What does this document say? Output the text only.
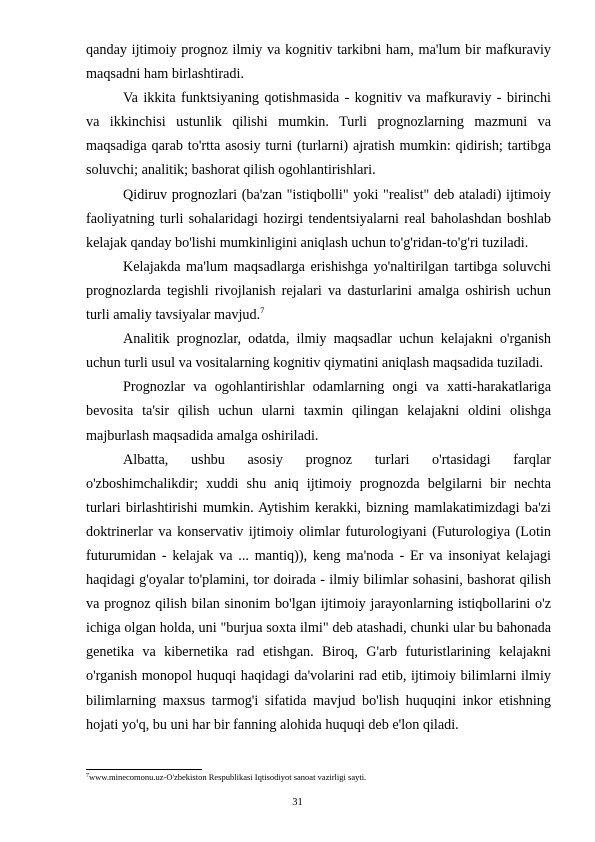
qanday ijtimoiy prognoz ilmiy va kognitiv tarkibni ham, ma'lum bir mafkuraviy maqsadni ham birlashtiradi.

Va ikkita funktsiyaning qotishmasida - kognitiv va mafkuraviy - birinchi va ikkinchisi ustunlik qilishi mumkin. Turli prognozlarning mazmuni va maqsadiga qarab to'rtta asosiy turni (turlarni) ajratish mumkin: qidirish; tartibga soluvchi; analitik; bashorat qilish ogohlantirishlari.

Qidiruv prognozlari (ba'zan "istiqbolli" yoki "realist" deb ataladi) ijtimoiy faoliyatning turli sohalaridagi hozirgi tendentsiyalarni real baholashdan boshlab kelajak qanday bo'lishi mumkinligini aniqlash uchun to'g'ridan-to'g'ri tuziladi.

Kelajakda ma'lum maqsadlarga erishishga yo'naltirilgan tartibga soluvchi prognozlarda tegishli rivojlanish rejalari va dasturlarini amalga oshirish uchun turli amaliy tavsiyalar mavjud.$^7$

Analitik prognozlar, odatda, ilmiy maqsadlar uchun kelajakni o'rganish uchun turli usul va vositalarning kognitiv qiymatini aniqlash maqsadida tuziladi.

Prognozlar va ogohlantirishlar odamlarning ongi va xatti-harakatlariga bevosita ta'sir qilish uchun ularni taxmin qilingan kelajakni oldini olishga majburlash maqsadida amalga oshiriladi.

Albatta, ushbu asosiy prognoz turlari o'rtasidagi farqlar o'zboshimchalikdir; xuddi shu aniq ijtimoiy prognozda belgilarni bir nechta turlari birlashtirishi mumkin. Aytishim kerakki, bizning mamlakatimizdagi ba'zi doktrinerlar va konservativ ijtimoiy olimlar futurologiyani (Futurologiya (Lotin futurumidan - kelajak va ... mantiq)), keng ma'noda - Er va insoniyat kelajagi haqidagi g'oyalar to'plamini, tor doirada - ilmiy bilimlar sohasini, bashorat qilish va prognoz qilish bilan sinonim bo'lgan ijtimoiy jarayonlarning istiqbollarini o'z ichiga olgan holda, uni "burjua soxta ilmi" deb atashadi, chunki ular bu bahonada genetika va kibernetika rad etishgan. Biroq, G'arb futuristlarining kelajakni o'rganish monopol huquqi haqidagi da'volarini rad etib, ijtimoiy bilimlarni ilmiy bilimlarning maxsus tarmog'i sifatida mavjud bo'lish huquqini inkor etishning hojati yo'q, bu uni har bir fanning alohida huquqi deb e'lon qiladi.

$^7$www.minecomonu.uz-O'zbekiston Respublikasi Iqtisodiyot sanoat vazirligi sayti.

31
